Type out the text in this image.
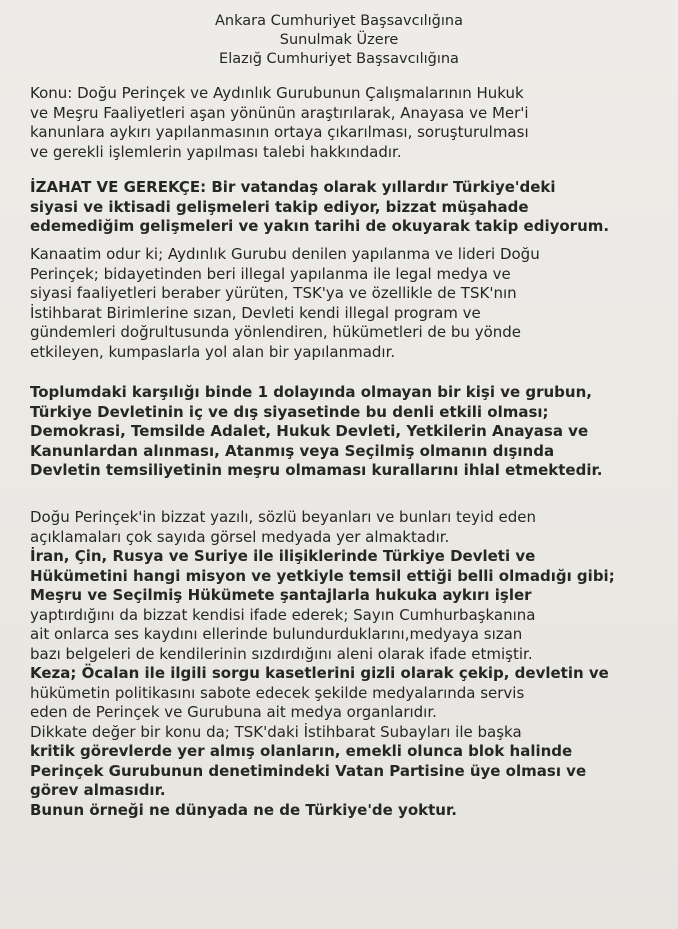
Ankara Cumhuriyet Başsavcılığına
Sunulmak Üzere
Elazığ Cumhuriyet Başsavcılığına
Konu: Doğu Perinçek ve Aydınlık Gurubunun Çalışmalarının Hukuk
ve Meşru Faaliyetleri aşan yönünün araştırılarak, Anayasa ve Mer'i
kanunlara aykırı yapılanmasının ortaya çıkarılması, soruşturulması
ve gerekli işlemlerin yapılması talebi hakkındadır.
İZAHAT VE GEREKÇE: Bir vatandaş olarak yıllardır Türkiye'deki
siyasi ve iktisadi gelişmeleri takip ediyor, bizzat müşahade
edemediğim gelişmeleri ve yakın tarihi de okuyarak takip ediyorum.
Kanaatim odur ki; Aydınlık Gurubu denilen yapılanma ve lideri Doğu
Perinçek; bidayetinden beri illegal yapılanma ile legal medya ve
siyasi faaliyetleri beraber yürüten, TSK'ya ve özellikle de TSK'nın
İstihbarat Birimlerine sızan, Devleti kendi illegal program ve
gündemleri doğrultusunda yönlendiren, hükümetleri de bu yönde
etkileyen, kumpaslarla yol alan bir yapılanmadır.
Toplumdaki karşılığı binde 1 dolayında olmayan bir kişi ve grubun,
Türkiye Devletinin iç ve dış siyasetinde bu denli etkili olması;
Demokrasi, Temsilde Adalet, Hukuk Devleti, Yetkilerin Anayasa ve
Kanunlardan alınması, Atanmış veya Seçilmiş olmanın dışında
Devletin temsiliyetinin meşru olmaması kurallarını ihlal etmektedir.
Doğu Perinçek'in bizzat yazılı, sözlü beyanları ve bunları teyid eden
açıklamaları çok sayıda görsel medyada yer almaktadır.
İran, Çin, Rusya ve Suriye ile ilişiklerinde Türkiye Devleti ve
Hükümetini hangi misyon ve yetkiyle temsil ettiği belli olmadığı gibi;
Meşru ve Seçilmiş Hükümete şantajlarla hukuka aykırı işler
yaptırdığını da bizzat kendisi ifade ederek; Sayın Cumhurbaşkanına
ait onlarca ses kaydını ellerinde bulundurduklarını,medyaya sızan
bazı belgeleri de kendilerinin sızdırdığını aleni olarak ifade etmiştir.
Keza; Öcalan ile ilgili sorgu kasetlerini gizli olarak çekip, devletin ve
hükümetin politikasını sabote edecek şekilde medyalarında servis
eden de Perinçek ve Gurubuna ait medya organlarıdır.
Dikkate değer bir konu da; TSK'daki İstihbarat Subayları ile başka
kritik görevlerde yer almış olanların, emekli olunca blok halinde
Perinçek Gurubunun denetimindeki Vatan Partisine üye olması ve
görev almasıdır.
Bunun örneği ne dünyada ne de Türkiye'de yoktur.
